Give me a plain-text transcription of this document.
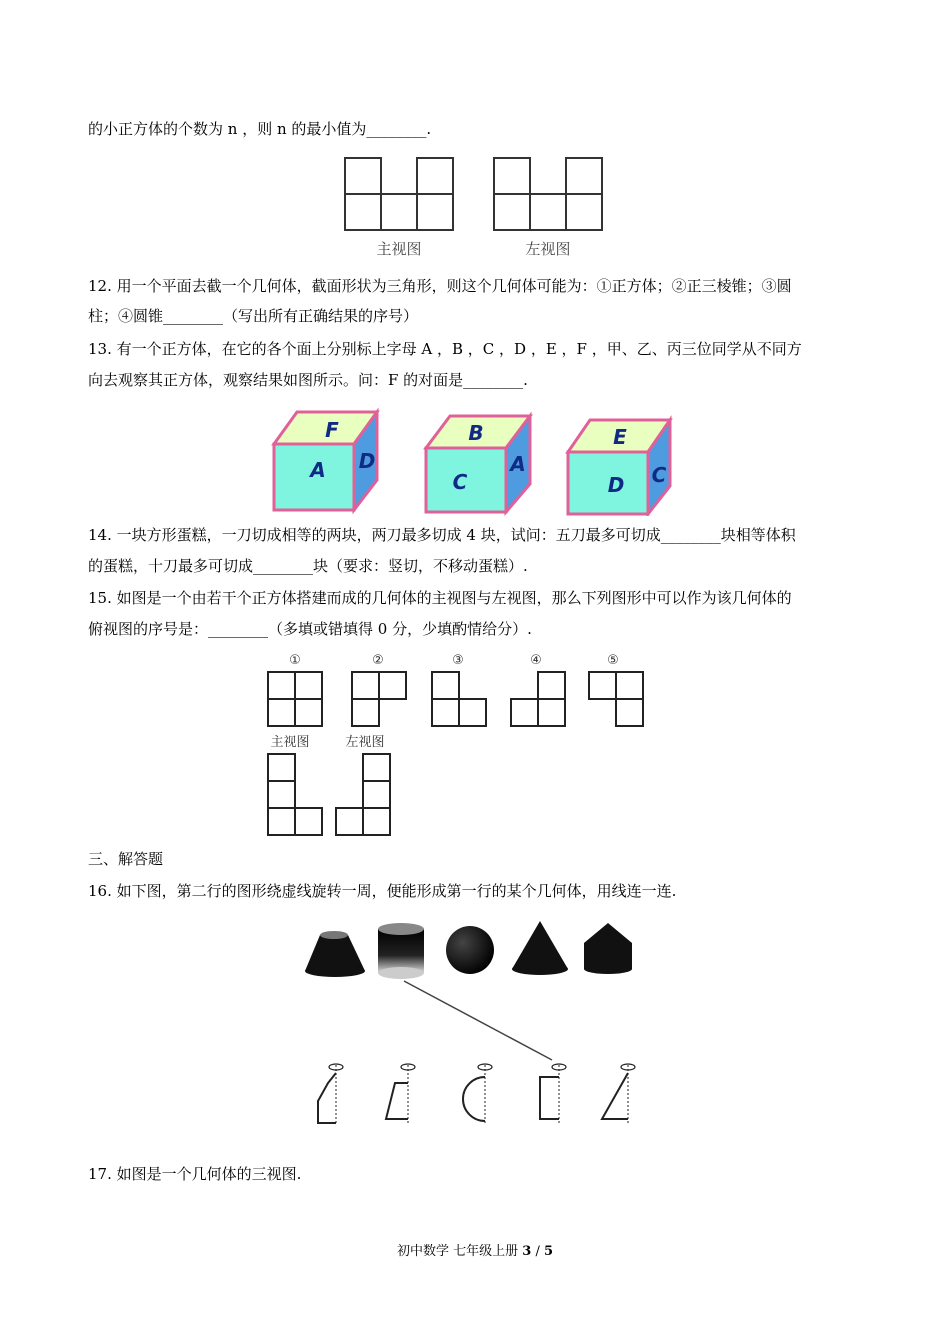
的小正方体的个数为 n ，则 n 的最小值为________.
主视图	左视图
12. 用一个平面去截一个几何体，截面形状为三角形，则这个几何体可能为：①正方体；②正三棱锥；③圆
柱；④圆锥________（写出所有正确结果的序号）
13. 有一个正方体，在它的各个面上分别标上字母 A ，B ，C ，D ，E ，F ，甲、乙、丙三位同学从不同方
向去观察其正方体，观察结果如图所示。问：F 的对面是________.
F
A D
B
C
A
E
D C
14. 一块方形蛋糕，一刀切成相等的两块，两刀最多切成 4 块，试问：五刀最多可切成________块相等体积
的蛋糕，十刀最多可切成________块（要求：竖切，不移动蛋糕）.
15. 如图是一个由若干个正方体搭建而成的几何体的主视图与左视图，那么下列图形中可以作为该几何体的
俯视图的序号是：________（多填或错填得 0 分，少填酌情给分）.
①	②	③	④	⑤
主视图	左视图
三、解答题
16. 如下图，第二行的图形绕虚线旋转一周，便能形成第一行的某个几何体，用线连一连.
17. 如图是一个几何体的三视图.
初中数学 七年级上册 3 / 5
